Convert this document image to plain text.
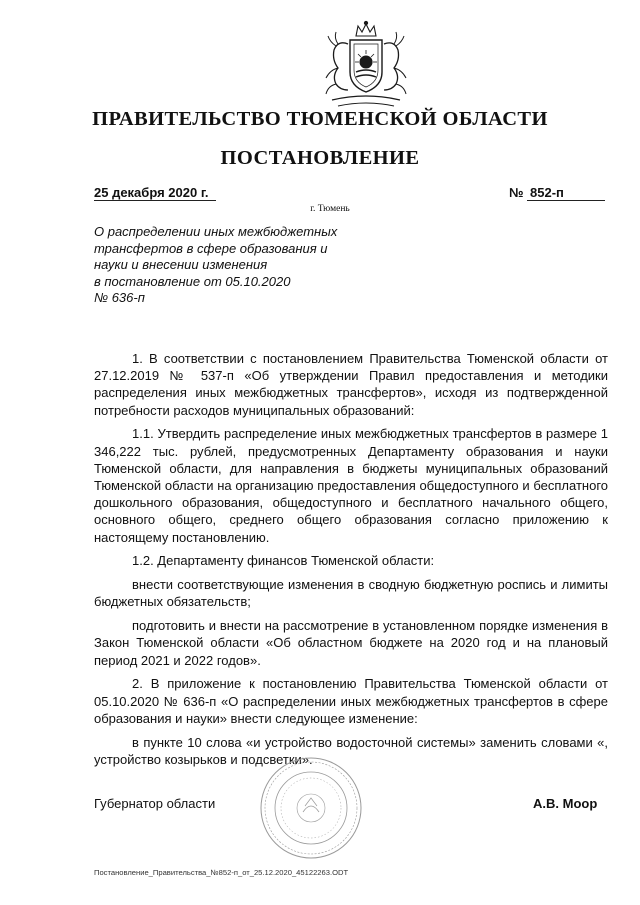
ПРАВИТЕЛЬСТВО ТЮМЕНСКОЙ ОБЛАСТИ
ПОСТАНОВЛЕНИЕ
25 декабря 2020 г.	№ 852-п
г. Тюмень
О распределении иных межбюджетных
трансфертов в сфере образования и
науки и внесении изменения
в постановление от 05.10.2020
№ 636-п

1. В соответствии с постановлением Правительства Тюменской области от 27.12.2019 № 537-п «Об утверждении Правил предоставления и методики распределения иных межбюджетных трансфертов», исходя из подтвержденной потребности расходов муниципальных образований:

1.1. Утвердить распределение иных межбюджетных трансфертов в размере 1 346,222 тыс. рублей, предусмотренных Департаменту образования и науки Тюменской области, для направления в бюджеты муниципальных образований Тюменской области на организацию предоставления общедоступного и бесплатного дошкольного образования, общедоступного и бесплатного начального общего, основного общего, среднего общего образования согласно приложению к настоящему постановлению.

1.2. Департаменту финансов Тюменской области:

внести соответствующие изменения в сводную бюджетную роспись и лимиты бюджетных обязательств;

подготовить и внести на рассмотрение в установленном порядке изменения в Закон Тюменской области «Об областном бюджете на 2020 год и на плановый период 2021 и 2022 годов».

2. В приложение к постановлению Правительства Тюменской области от 05.10.2020 № 636-п «О распределении иных межбюджетных трансфертов в сфере образования и науки» внести следующее изменение:

в пункте 10 слова «и устройство водосточной системы» заменить словами «, устройство козырьков и подсветки».

Губернатор области	А.В. Моор
Постановление_Правительства_№852-п_от_25.12.2020_45122263.ODT
